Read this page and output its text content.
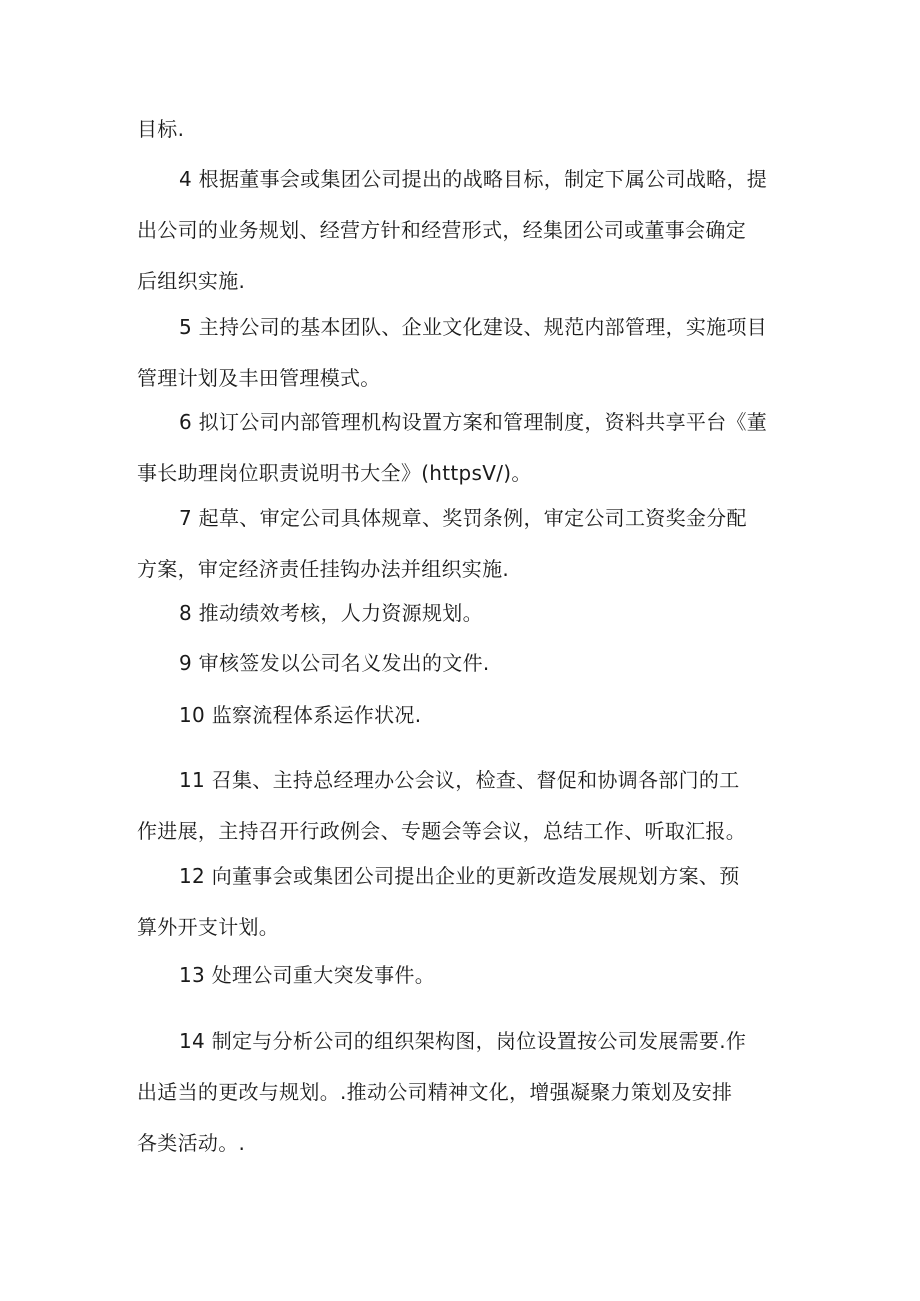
目标.

4 根据董事会或集团公司提出的战略目标，制定下属公司战略，提
出公司的业务规划、经营方针和经营形式，经集团公司或董事会确定
后组织实施.

5 主持公司的基本团队、企业文化建设、规范内部管理，实施项目
管理计划及丰田管理模式。

6 拟订公司内部管理机构设置方案和管理制度，资料共享平台《董
事长助理岗位职责说明书大全》(httpsV/)。

7 起草、审定公司具体规章、奖罚条例，审定公司工资奖金分配
方案，审定经济责任挂钩办法并组织实施.

8 推动绩效考核，人力资源规划。

9 审核签发以公司名义发出的文件.

10 监察流程体系运作状况.

11 召集、主持总经理办公会议，检查、督促和协调各部门的工
作进展，主持召开行政例会、专题会等会议，总结工作、听取汇报。

12 向董事会或集团公司提出企业的更新改造发展规划方案、预
算外开支计划。

13 处理公司重大突发事件。

14 制定与分析公司的组织架构图，岗位设置按公司发展需要.作
出适当的更改与规划。.推动公司精神文化，增强凝聚力策划及安排
各类活动。.
